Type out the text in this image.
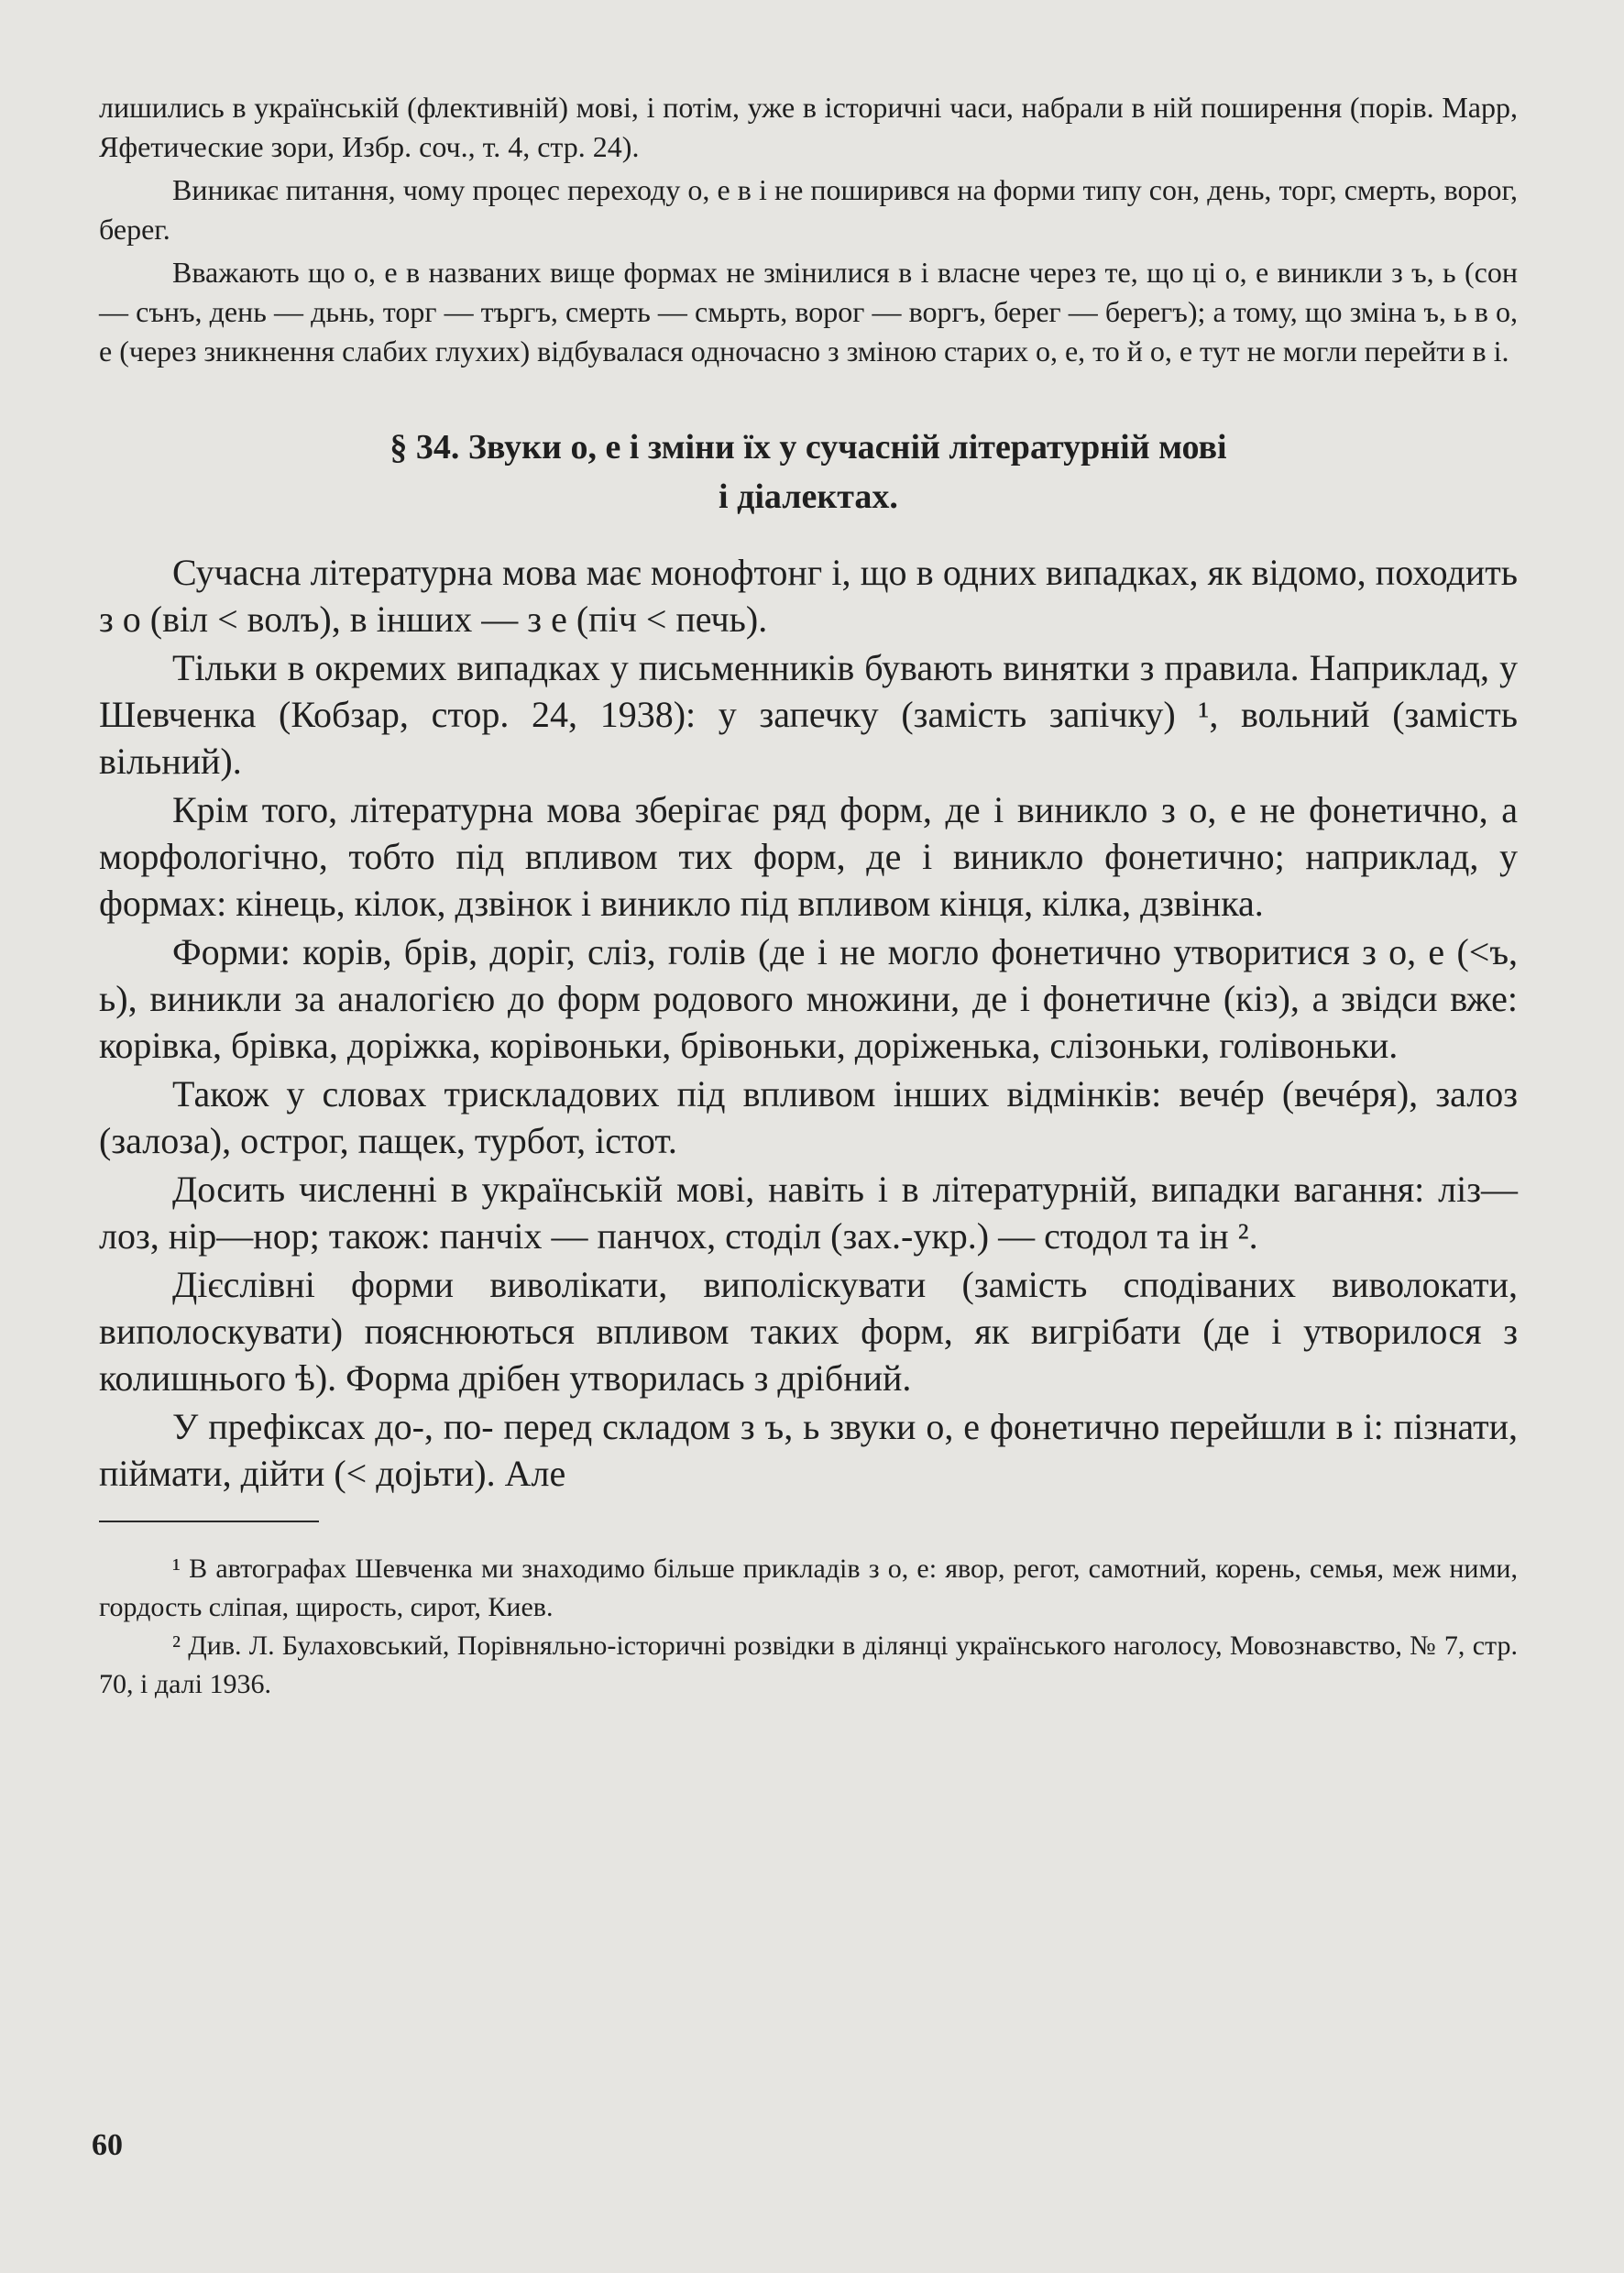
лишились в українській (флективній) мові, і потім, уже в історичні часи, набрали в ній поширення (порів. Марр, Яфетические зори, Избр. соч., т. 4, стр. 24).

Виникає питання, чому процес переходу о, е в і не поширився на форми типу сон, день, торг, смерть, ворог, берег.

Вважають що о, е в названих вище формах не змінилися в і власне через те, що ці о, е виникли з ъ, ь (сон — сънъ, день — дьнь, торг — търгъ, смерть — смьрть, ворог — воргъ, берег — берегъ); а тому, що зміна ъ, ь в о, е (через зникнення слабих глухих) відбувалася одночасно з зміною старих о, е, то й о, е тут не могли перейти в і.

§ 34. Звуки о, е і зміни їх у сучасній літературній мові
і діалектах.

Сучасна літературна мова має монофтонг і, що в одних випадках, як відомо, походить з о (віл < волъ), в інших — з е (піч < печь).

Тільки в окремих випадках у письменників бувають винятки з правила. Наприклад, у Шевченка (Кобзар, стор. 24, 1938): у запечку (замість запічку) ¹, вольний (замість вільний).

Крім того, літературна мова зберігає ряд форм, де і виникло з о, е не фонетично, а морфологічно, тобто під впливом тих форм, де і виникло фонетично; наприклад, у формах: кінець, кілок, дзвінок і виникло під впливом кінця, кілка, дзвінка.

Форми: корів, брів, доріг, сліз, голів (де і не могло фонетично утворитися з о, е (<ъ, ь), виникли за аналогією до форм родового множини, де і фонетичне (кіз), а звідси вже: корівка, брівка, доріжка, корівоньки, брівоньки, доріженька, слізоньки, голівоньки.

Також у словах трискладових під впливом інших відмінків: вечéр (вечéря), залоз (залоза), острог, пащек, турбот, істот.

Досить численні в українській мові, навіть і в літературній, випадки вагання: ліз—лоз, нір—нор; також: панчіх — панчох, стоділ (зах.-укр.) — стодол та ін ².

Дієслівні форми виволікати, виполіскувати (замість сподіваних виволокати, виполоскувати) пояснюються впливом таких форм, як вигрібати (де і утворилося з колишнього ѣ). Форма дрібен утворилась з дрібний.

У префіксах до-, по- перед складом з ъ, ь звуки о, е фонетично перейшли в і: пізнати, піймати, дійти (< дојьти). Але

¹ В автографах Шевченка ми знаходимо більше прикладів з о, е: явор, регот, самотний, корень, семья, меж ними, гордость сліпая, щирость, сирот, Киев.

² Див. Л. Булаховський, Порівняльно-історичні розвідки в ділянці українського наголосу, Мовознавство, № 7, стр. 70, і далі 1936.

60
